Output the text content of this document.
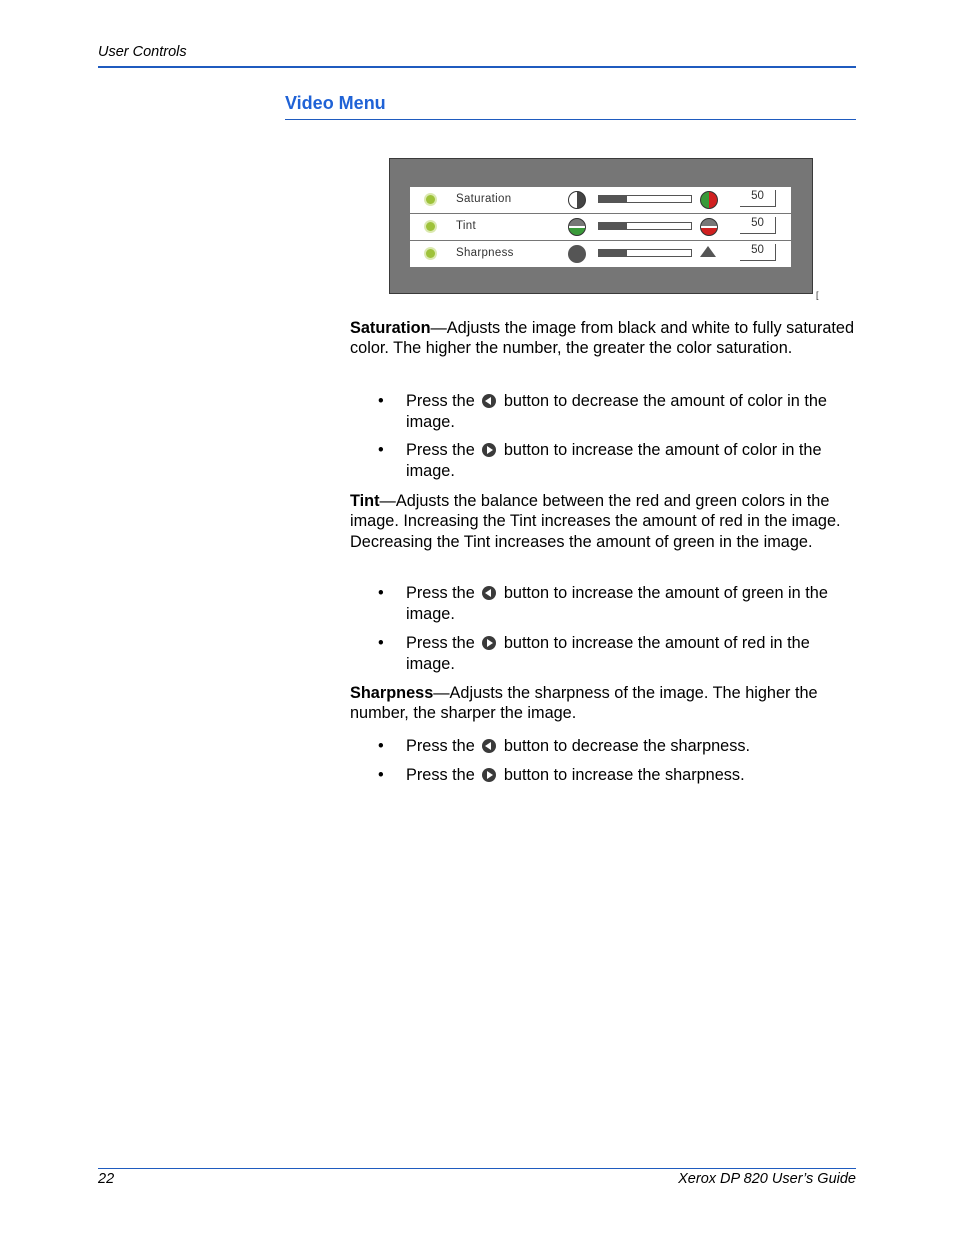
User Controls
Video Menu
Saturation	50
Tint	50
Sharpness	50
[
Saturation—Adjusts the image from black and white to fully saturated color. The higher the number, the greater the color saturation.
• Press the button to decrease the amount of color in the image.
• Press the button to increase the amount of color in the image.
Tint—Adjusts the balance between the red and green colors in the image. Increasing the Tint increases the amount of red in the image. Decreasing the Tint increases the amount of green in the image.
• Press the button to increase the amount of green in the image.
• Press the button to increase the amount of red in the image.
Sharpness—Adjusts the sharpness of the image. The higher the number, the sharper the image.
• Press the button to decrease the sharpness.
• Press the button to increase the sharpness.
22	Xerox DP 820 User’s Guide
